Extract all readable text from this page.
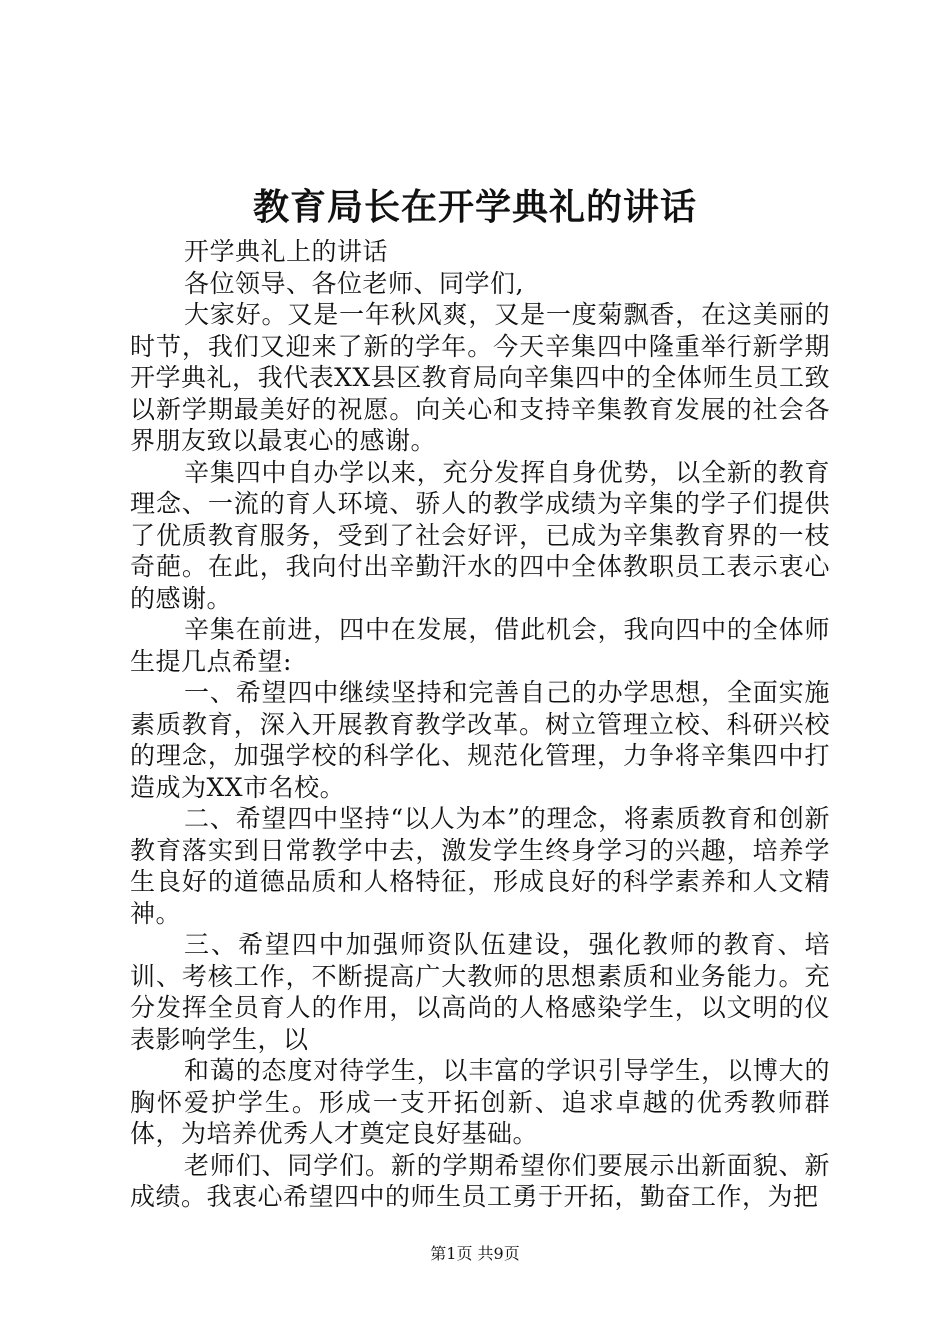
教育局长在开学典礼的讲话

开学典礼上的讲话

各位领导、各位老师、同学们,

大家好。又是一年秋风爽，又是一度菊飘香，在这美丽的时节，我们又迎来了新的学年。今天辛集四中隆重举行新学期开学典礼，我代表XX县区教育局向辛集四中的全体师生员工致以新学期最美好的祝愿。向关心和支持辛集教育发展的社会各界朋友致以最衷心的感谢。

辛集四中自办学以来，充分发挥自身优势，以全新的教育理念、一流的育人环境、骄人的教学成绩为辛集的学子们提供了优质教育服务，受到了社会好评，已成为辛集教育界的一枝奇葩。在此，我向付出辛勤汗水的四中全体教职员工表示衷心的感谢。

辛集在前进，四中在发展，借此机会，我向四中的全体师生提几点希望:

一、希望四中继续坚持和完善自己的办学思想，全面实施素质教育，深入开展教育教学改革。树立管理立校、科研兴校的理念，加强学校的科学化、规范化管理，力争将辛集四中打造成为XX市名校。

二、希望四中坚持“以人为本”的理念，将素质教育和创新教育落实到日常教学中去，激发学生终身学习的兴趣，培养学生良好的道德品质和人格特征，形成良好的科学素养和人文精神。

三、希望四中加强师资队伍建设，强化教师的教育、培训、考核工作，不断提高广大教师的思想素质和业务能力。充分发挥全员育人的作用，以高尚的人格感染学生，以文明的仪表影响学生，以

和蔼的态度对待学生，以丰富的学识引导学生，以博大的胸怀爱护学生。形成一支开拓创新、追求卓越的优秀教师群体，为培养优秀人才奠定良好基础。

老师们、同学们。新的学期希望你们要展示出新面貌、新成绩。我衷心希望四中的师生员工勇于开拓，勤奋工作，为把

第1页 共9页
